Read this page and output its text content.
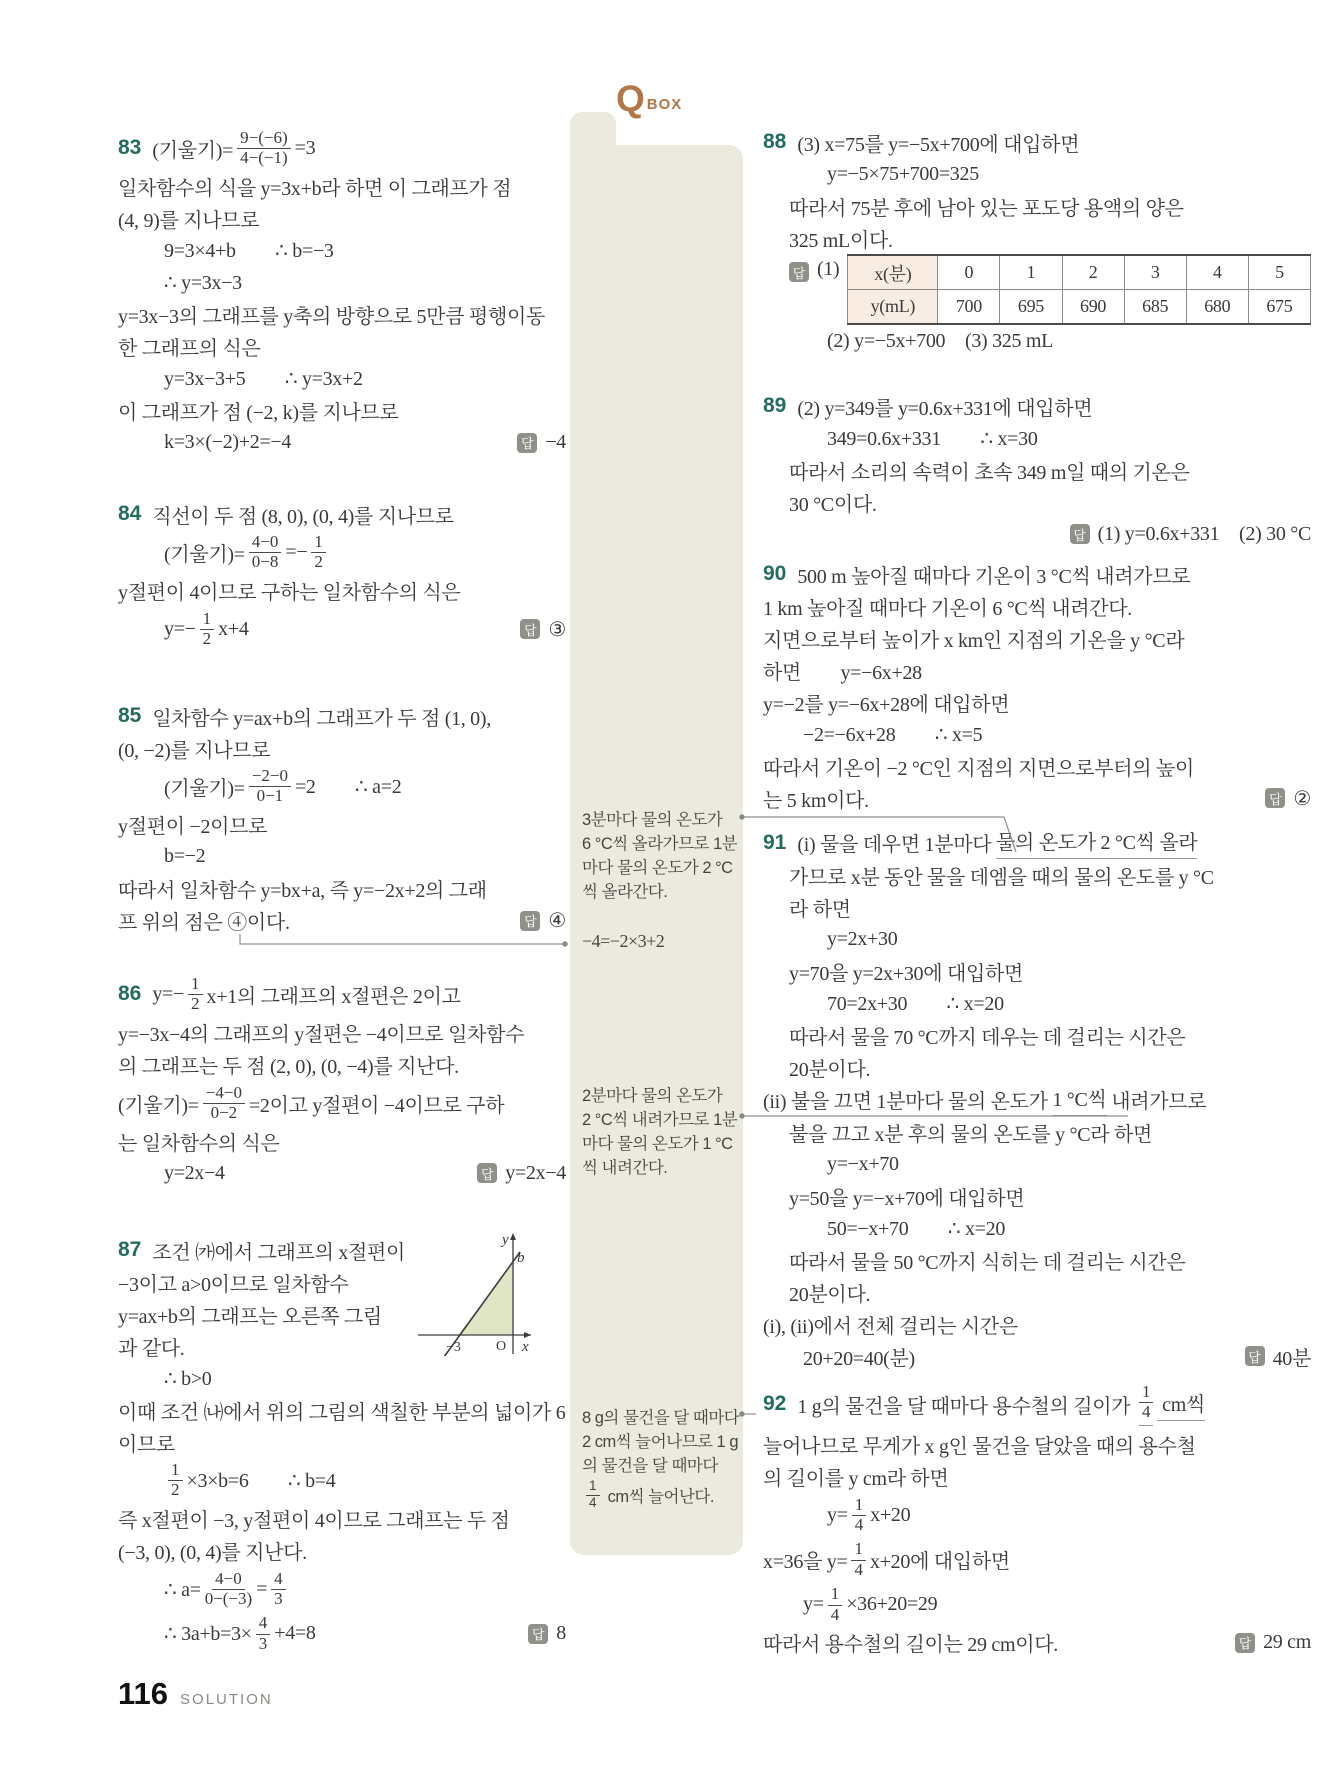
Q BOX
83 (기울기)= $\frac{9-(-6)}{4-(-1)} =3$
일차함수의 식을 y=3x+b라 하면 이 그래프가 점
(4, 9)를 지나므로
9=3×4+b  ∴ b=−3
∴ y=3x−3
y=3x−3의 그래프를 y축의 방향으로 5만큼 평행이동
한 그래프의 식은
y=3x−3+5  ∴ y=3x+2
이 그래프가 점 (−2, k)를 지나므로
k=3×(−2)+2=−4	답 −4
84 직선이 두 점 (8, 0), (0, 4)를 지나므로
(기울기)= $\frac{4-0}{0-8} =- \frac{1}{2}$
y절편이 4이므로 구하는 일차함수의 식은
$y=- \frac{1}{2} x+4$	답 ③
85 일차함수 y=ax+b의 그래프가 두 점 (1, 0),
(0, −2)를 지나므로
(기울기)= $\frac{-2-0}{0-1} =2$  ∴ a=2
y절편이 −2이므로
b=−2
따라서 일차함수 y=bx+a, 즉 y=−2x+2의 그래
프 위의 점은 ④이다.	답 ④
86 $y=- \frac{1}{2} x+1$의 그래프의 x절편은 2이고
y=−3x−4의 그래프의 y절편은 −4이므로 일차함수
의 그래프는 두 점 (2, 0), (0, −4)를 지난다.
(기울기)= $\frac{-4-0}{0-2} =2$이고 y절편이 −4이므로 구하
는 일차함수의 식은
y=2x−4	답 y=2x−4
87 조건 ㈎에서 그래프의 x절편이
−3이고 a>0이므로 일차함수
y=ax+b의 그래프는 오른쪽 그림
과 같다.
∴ b>0
이때 조건 ㈏에서 위의 그림의 색칠한 부분의 넓이가 6
이므로
$\frac{1}{2} \times 3\times b=6$  ∴ b=4
즉 x절편이 −3, y절편이 4이므로 그래프는 두 점
(−3, 0), (0, 4)를 지난다.
∴ $a= \frac{4-0}{0-(-3)} = \frac{4}{3}$
∴ $3a+b=3\times \frac{4}{3} +4=8$	답 8
88 (3) x=75를 y=−5x+700에 대입하면
y=−5×75+700=325
따라서 75분 후에 남아 있는 포도당 용액의 양은
325 mL이다.
답 (1) x(분)	0	1	2	3	4	5
y(mL)	700	695	690	685	680	675
(2) y=−5x+700 (3) 325 mL
89 (2) y=349를 y=0.6x+331에 대입하면
349=0.6x+331  ∴ x=30
따라서 소리의 속력이 초속 349 m일 때의 기온은
30 °C이다.
답 (1) y=0.6x+331 (2) 30 °C
90 500 m 높아질 때마다 기온이 3 °C씩 내려가므로
1 km 높아질 때마다 기온이 6 °C씩 내려간다.
지면으로부터 높이가 x km인 지점의 기온을 y °C라
하면  y=−6x+28
y=−2를 y=−6x+28에 대입하면
−2=−6x+28  ∴ x=5
따라서 기온이 −2 °C인 지점의 지면으로부터의 높이
는 5 km이다.	답 ②
91 (i) 물을 데우면 1분마다 물의 온도가 2 °C씩 올라
가므로 x분 동안 물을 데엠을 때의 물의 온도를 y °C
라 하면
y=2x+30
y=70을 y=2x+30에 대입하면
70=2x+30  ∴ x=20
따라서 물을 70 °C까지 데우는 데 걸리는 시간은
20분이다.
(ii) 불을 끄면 1분마다 물의 온도가 1 °C씩 내려가므로
불을 끄고 x분 후의 물의 온도를 y °C라 하면
y=−x+70
y=50을 y=−x+70에 대입하면
50=−x+70  ∴ x=20
따라서 물을 50 °C까지 식히는 데 걸리는 시간은
20분이다.
(i), (ii)에서 전체 걸리는 시간은
20+20=40(분)	답 40분
92 1 g의 물건을 달 때마다 용수철의 길이가 $\frac{1}{4}$ cm씩
늘어나므로 무게가 x g인 물건을 달았을 때의 용수철
의 길이를 y cm라 하면
$y= \frac{1}{4} x+20$
x=36을 $y= \frac{1}{4} x+20$에 대입하면
$y= \frac{1}{4} \times 36+20=29$
따라서 용수철의 길이는 29 cm이다.	답 29 cm
3분마다 물의 온도가
6 °C씩 올라가므로 1분
마다 물의 온도가 2 °C
씩 올라간다.
−4=−2×3+2
2분마다 물의 온도가
2 °C씩 내려가므로 1분
마다 물의 온도가 1 °C
씩 내려간다.
8 g의 물건을 달 때마다
2 cm씩 늘어나므로 1 g
의 물건을 달 때마다
$\frac{1}{4}$ cm씩 늘어난다.
y
x
O
−3
b
116 SOLUTION
